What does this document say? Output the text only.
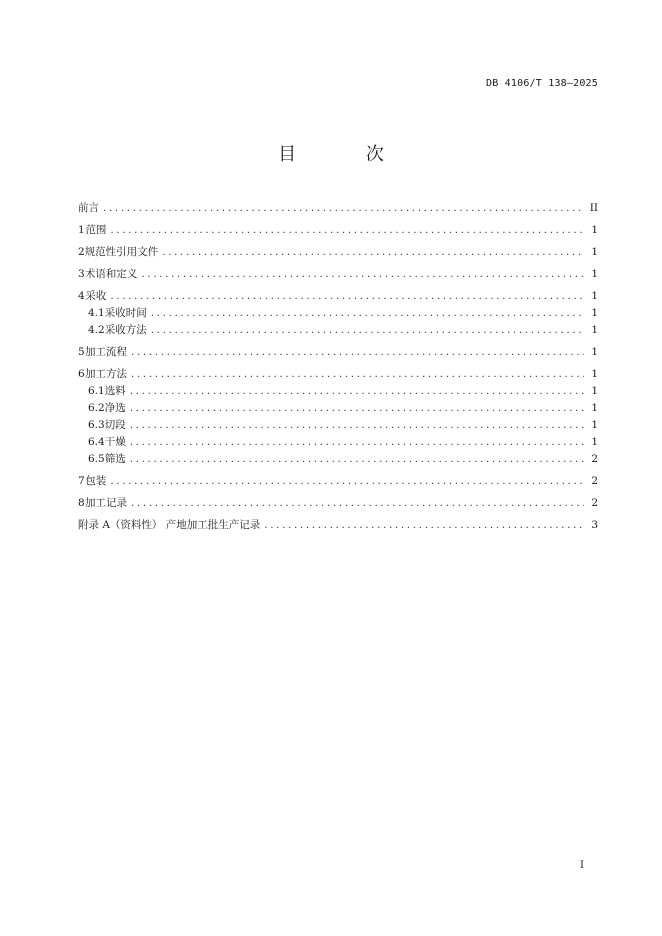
DB 4106/T 138—2025
目 次
前言 .....	II
1 范围 .....	1
2 规范性引用文件 .....	1
3 术语和定义 .....	1
4 采收 .....	1
4.1 采收时间 .....	1
4.2 采收方法 .....	1
5 加工流程 .....	1
6 加工方法 .....	1
6.1 选料 .....	1
6.2 净选 .....	1
6.3 切段 .....	1
6.4 干燥 .....	1
6.5 筛选 .....	2
7 包装 .....	2
8 加工记录 .....	2
附录 A（资料性） 产地加工批生产记录 .....	3
I
